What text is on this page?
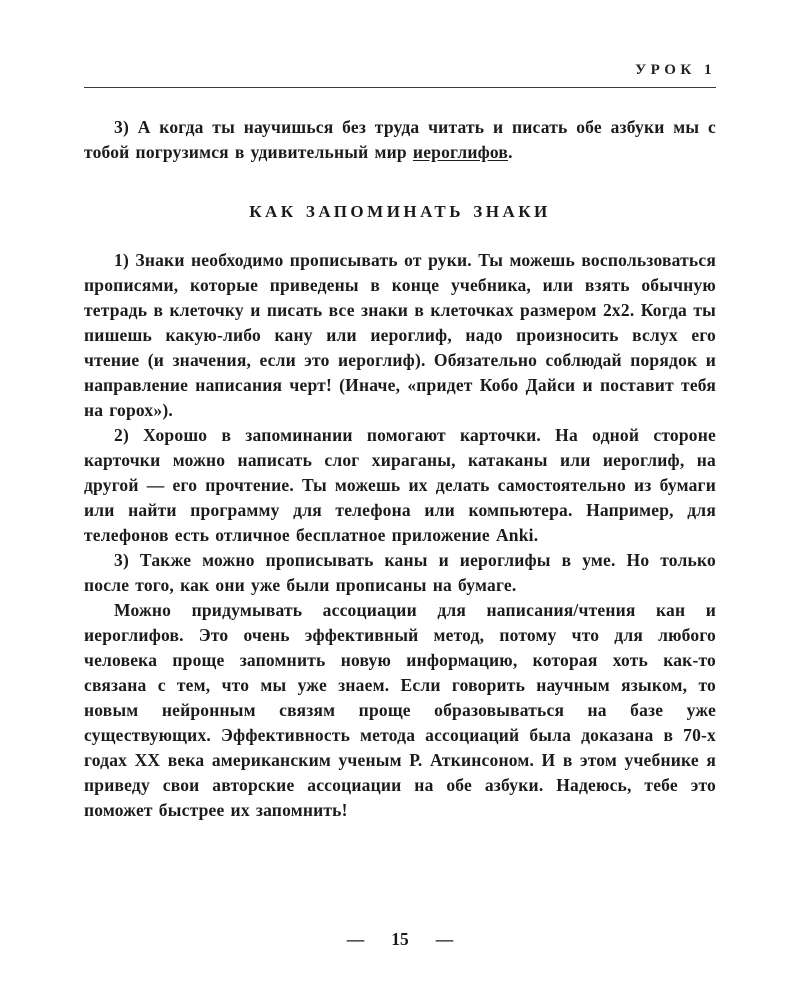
УРОК 1

3) А когда ты научишься без труда читать и писать обе азбуки мы с тобой погрузимся в удивительный мир иероглифов.

КАК ЗАПОМИНАТЬ ЗНАКИ

1) Знаки необходимо прописывать от руки. Ты можешь воспользоваться прописями, которые приведены в конце учебника, или взять обычную тетрадь в клеточку и писать все знаки в клеточках размером 2х2. Когда ты пишешь какую-либо кану или иероглиф, надо произносить вслух его чтение (и значения, если это иероглиф). Обязательно соблюдай порядок и направление написания черт! (Иначе, «придет Кобо Дайси и поставит тебя на горох»).

2) Хорошо в запоминании помогают карточки. На одной стороне карточки можно написать слог хираганы, катаканы или иероглиф, на другой — его прочтение. Ты можешь их делать самостоятельно из бумаги или найти программу для телефона или компьютера. Например, для телефонов есть отличное бесплатное приложение Anki.

3) Также можно прописывать каны и иероглифы в уме. Но только после того, как они уже были прописаны на бумаге.

Можно придумывать ассоциации для написания/чтения кан и иероглифов. Это очень эффективный метод, потому что для любого человека проще запомнить новую информацию, которая хоть как-то связана с тем, что мы уже знаем. Если говорить научным языком, то новым нейронным связям проще образовываться на базе уже существующих. Эффективность метода ассоциаций была доказана в 70-х годах XX века американским ученым Р. Аткинсоном. И в этом учебнике я приведу свои авторские ассоциации на обе азбуки. Надеюсь, тебе это поможет быстрее их запомнить!

— 15 —
